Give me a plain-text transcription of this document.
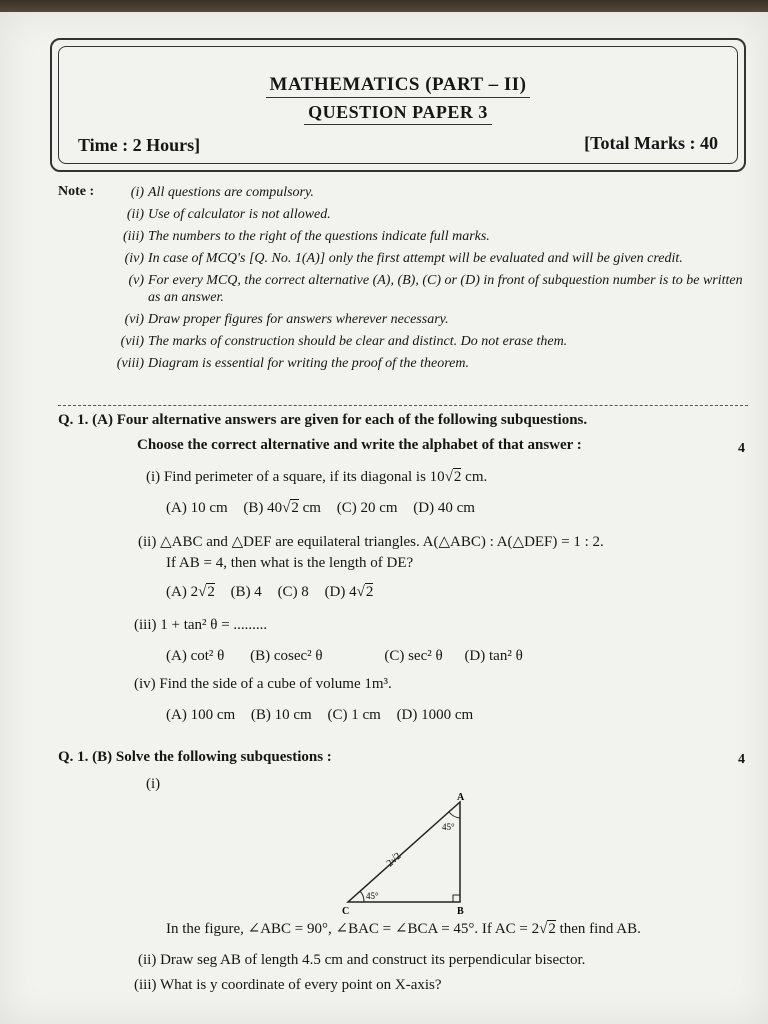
MATHEMATICS (PART – II)
QUESTION PAPER 3
Time : 2 Hours]	[Total Marks : 40
Note :	(i) All questions are compulsory.
(ii) Use of calculator is not allowed.
(iii) The numbers to the right of the questions indicate full marks.
(iv) In case of MCQ's [Q. No. 1(A)] only the first attempt will be evaluated and will be given credit.
(v) For every MCQ, the correct alternative (A), (B), (C) or (D) in front of subquestion number is to be written as an answer.
(vi) Draw proper figures for answers wherever necessary.
(vii) The marks of construction should be clear and distinct. Do not erase them.
(viii) Diagram is essential for writing the proof of the theorem.
Q. 1. (A) Four alternative answers are given for each of the following subquestions.
Choose the correct alternative and write the alphabet of that answer :	4
(i) Find perimeter of a square, if its diagonal is 10√2 cm.
(A) 10 cm (B) 40√2 cm (C) 20 cm (D) 40 cm
(ii) △ABC and △DEF are equilateral triangles. A(△ABC) : A(△DEF) = 1 : 2.
If AB = 4, then what is the length of DE?
(A) 2√2 (B) 4 (C) 8 (D) 4√2
(iii) 1 + tan² θ = .........
(A) cot² θ (B) cosec² θ	(C) sec² θ (D) tan² θ
(iv) Find the side of a cube of volume 1m³.
(A) 100 cm (B) 10 cm (C) 1 cm (D) 1000 cm
Q. 1. (B) Solve the following subquestions :	4
(i)
A
B
C
45°
45°
2√2
In the figure, ∠ABC = 90°, ∠BAC = ∠BCA = 45°. If AC = 2√2 then find AB.
(ii) Draw seg AB of length 4.5 cm and construct its perpendicular bisector.
(iii) What is y coordinate of every point on X-axis?
